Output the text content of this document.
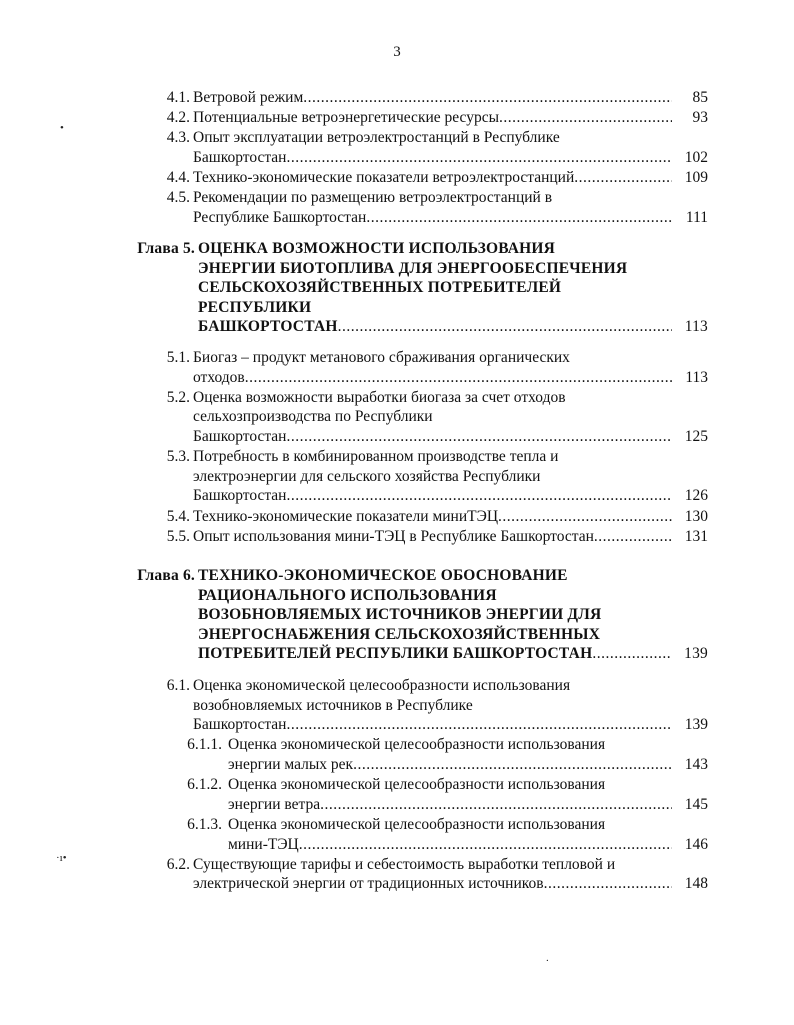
3
•
·ı•
.
4.1. Ветровой режим .....	85
4.2. Потенциальные ветроэнергетические ресурсы .....	93
4.3. Опыт эксплуатации ветроэлектростанций в Республике
Башкортостан .....	102
4.4. Технико-экономические показатели ветроэлектростанций .....	109
4.5. Рекомендации по размещению ветроэлектростанций в
Республике Башкортостан .....	111
Глава 5. ОЦЕНКА ВОЗМОЖНОСТИ ИСПОЛЬЗОВАНИЯ
ЭНЕРГИИ БИОТОПЛИВА ДЛЯ ЭНЕРГООБЕСПЕЧЕНИЯ
СЕЛЬСКОХОЗЯЙСТВЕННЫХ ПОТРЕБИТЕЛЕЙ
РЕСПУБЛИКИ
БАШКОРТОСТАН .....	113
5.1. Биогаз – продукт метанового сбраживания органических
отходов .....	113
5.2. Оценка возможности выработки биогаза за счет отходов
сельхозпроизводства по Республики
Башкортостан .....	125
5.3. Потребность в комбинированном производстве тепла и
электроэнергии для сельского хозяйства Республики
Башкортостан .....	126
5.4. Технико-экономические показатели миниТЭЦ .....	130
5.5. Опыт использования мини-ТЭЦ в Республике Башкортостан .....	131
Глава 6. ТЕХНИКО-ЭКОНОМИЧЕСКОЕ ОБОСНОВАНИЕ
РАЦИОНАЛЬНОГО ИСПОЛЬЗОВАНИЯ
ВОЗОБНОВЛЯЕМЫХ ИСТОЧНИКОВ ЭНЕРГИИ ДЛЯ
ЭНЕРГОСНАБЖЕНИЯ СЕЛЬСКОХОЗЯЙСТВЕННЫХ
ПОТРЕБИТЕЛЕЙ РЕСПУБЛИКИ БАШКОРТОСТАН .....	139
6.1. Оценка экономической целесообразности использования
возобновляемых источников в Республике
Башкортостан .....	139
6.1.1. Оценка экономической целесообразности использования
энергии малых рек .....	143
6.1.2. Оценка экономической целесообразности использования
энергии ветра .....	145
6.1.3. Оценка экономической целесообразности использования
мини-ТЭЦ .....	146
6.2. Существующие тарифы и себестоимость выработки тепловой и
электрической энергии от традиционных источников .....	148
